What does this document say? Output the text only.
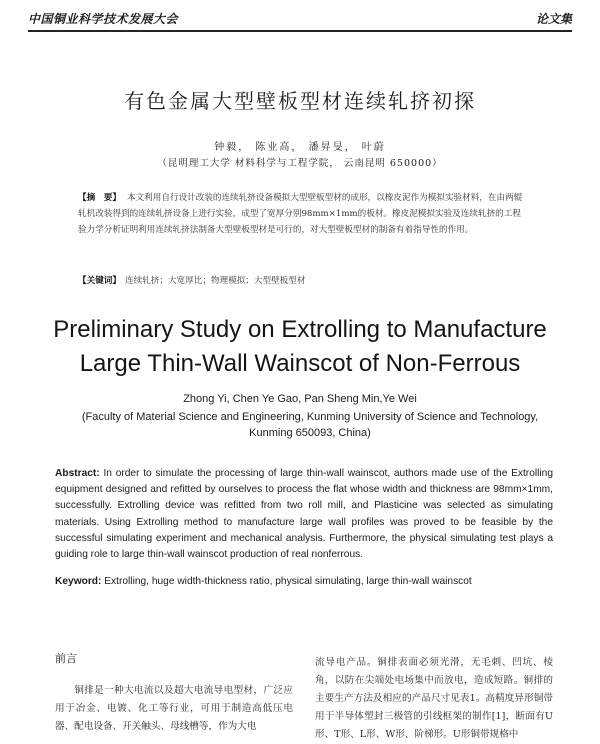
中国铜业科学技术发展大会	论文集
有色金属大型壁板型材连续轧挤初探
钟毅， 陈业高， 潘昇旻， 叶蔚
（昆明理工大学 材料科学与工程学院， 云南昆明 650000）
【摘　要】 本文利用自行设计改装的连续轧挤设备模拟大型壁板型材的成形，以橡皮泥作为模拟实验材料，在由两辊轧机改装得到的连续轧挤设备上进行实验，成型了宽厚分别98mm×1mm的板材。橡皮泥模拟实验及连续轧挤的工程验力学分析证明利用连续轧挤法制备大型壁板型材是可行的，对大型壁板型材的制备有着指导性的作用。
【关键词】 连续轧挤；大宽厚比；物理模拟；大型壁板型材
Preliminary Study on Extrolling to Manufacture
Large Thin-Wall Wainscot of Non-Ferrous
Zhong Yi, Chen Ye Gao, Pan Sheng Min,Ye Wei
(Faculty of Material Science and Engineering, Kunming University of Science and Technology, Kunming 650093, China)
Abstract: In order to simulate the processing of large thin-wall wainscot, authors made use of the Extrolling equipment designed and refitted by ourselves to process the flat whose width and thickness are 98mm×1mm, successfully. Extrolling device was refitted from two roll mill, and Plasticine was selected as simulating materials. Using Extrolling method to manufacture large wall profiles was proved to be feasible by the successful simulating experiment and mechanical analysis. Furthermore, the physical simulating test plays a guiding role to large thin-wall wainscot production of real nonferrous.
Keyword: Extrolling, huge width-thickness ratio, physical simulating, large thin-wall wainscot
前言
铜排是一种大电流以及超大电流导电型材，广泛应用于冶金、电镀、化工等行业，可用于制造高低压电器、配电设备、开关触头、母线槽等，作为大电
流导电产品。铜排表面必须光滑，无毛刺、凹坑、棱角，以防在尖端处电场集中而放电，造成短路。铜排的主要生产方法及相应的产品尺寸见表1。高精度异形铜带用于半导体塑封三极管的引线框架的制作[1]，断面有U形、T形、L形、W形、阶梯形。U形铜带规格中
